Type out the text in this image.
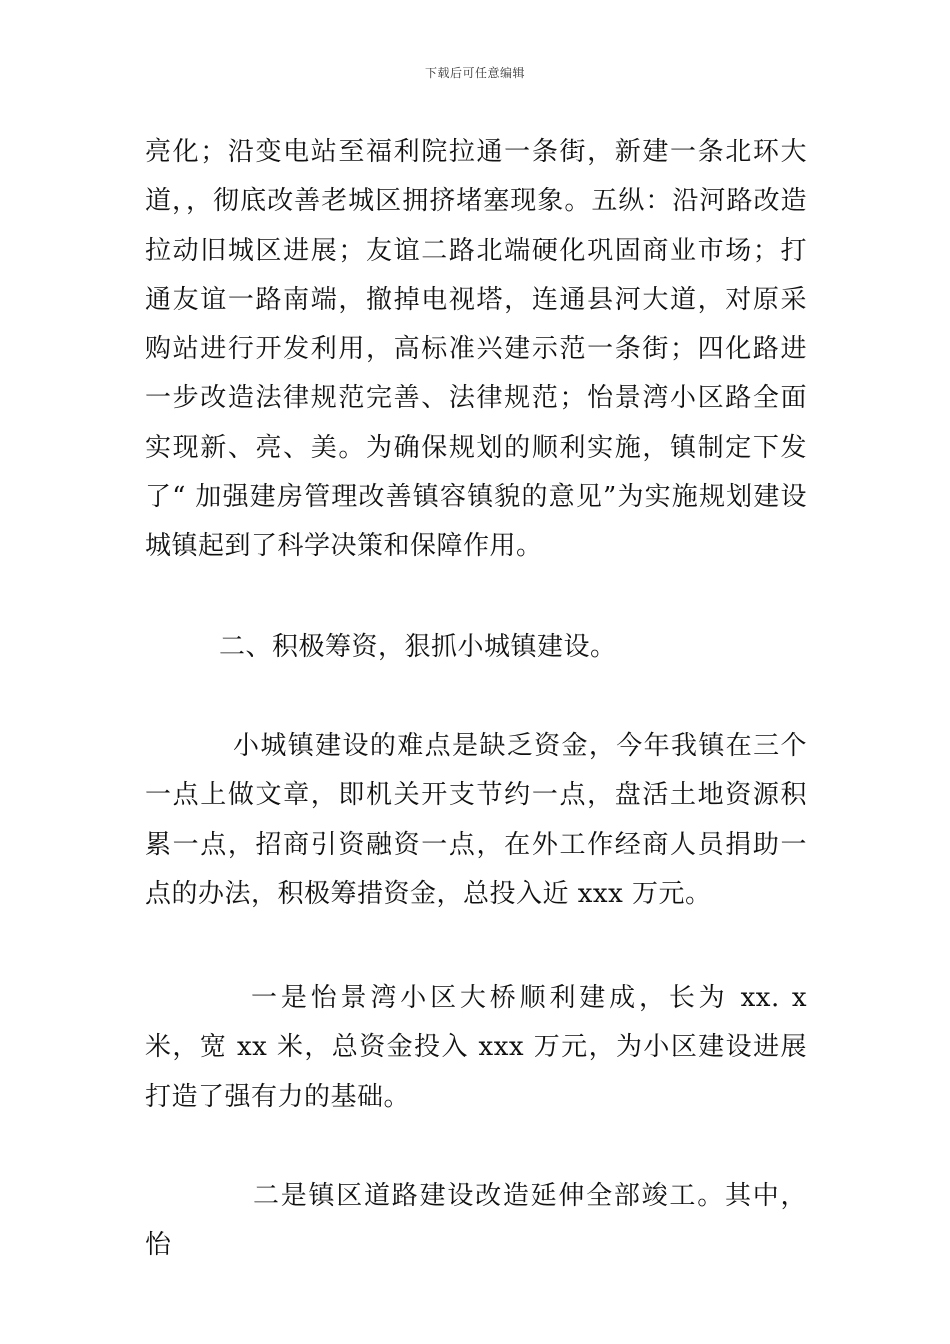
下载后可任意编辑
亮化；沿变电站至福利院拉通一条街，新建一条北环大道，，彻底改善老城区拥挤堵塞现象。五纵：沿河路改造拉动旧城区进展；友谊二路北端硬化巩固商业市场；打通友谊一路南端，撤掉电视塔，连通县河大道，对原采购站进行开发利用，高标准兴建示范一条街；四化路进一步改造法律规范完善、法律规范；怡景湾小区路全面实现新、亮、美。为确保规划的顺利实施，镇制定下发了“ 加强建房管理改善镇容镇貌的意见”为实施规划建设城镇起到了科学决策和保障作用。
二、积极筹资，狠抓小城镇建设。
小城镇建设的难点是缺乏资金，今年我镇在三个一点上做文章，即机关开支节约一点，盘活土地资源积累一点，招商引资融资一点，在外工作经商人员捐助一点的办法，积极筹措资金，总投入近 xxx 万元。
一是怡景湾小区大桥顺利建成，长为 xx. x 米，宽 xx 米，总资金投入 xxx 万元，为小区建设进展打造了强有力的基础。
二是镇区道路建设改造延伸全部竣工。其中，怡
